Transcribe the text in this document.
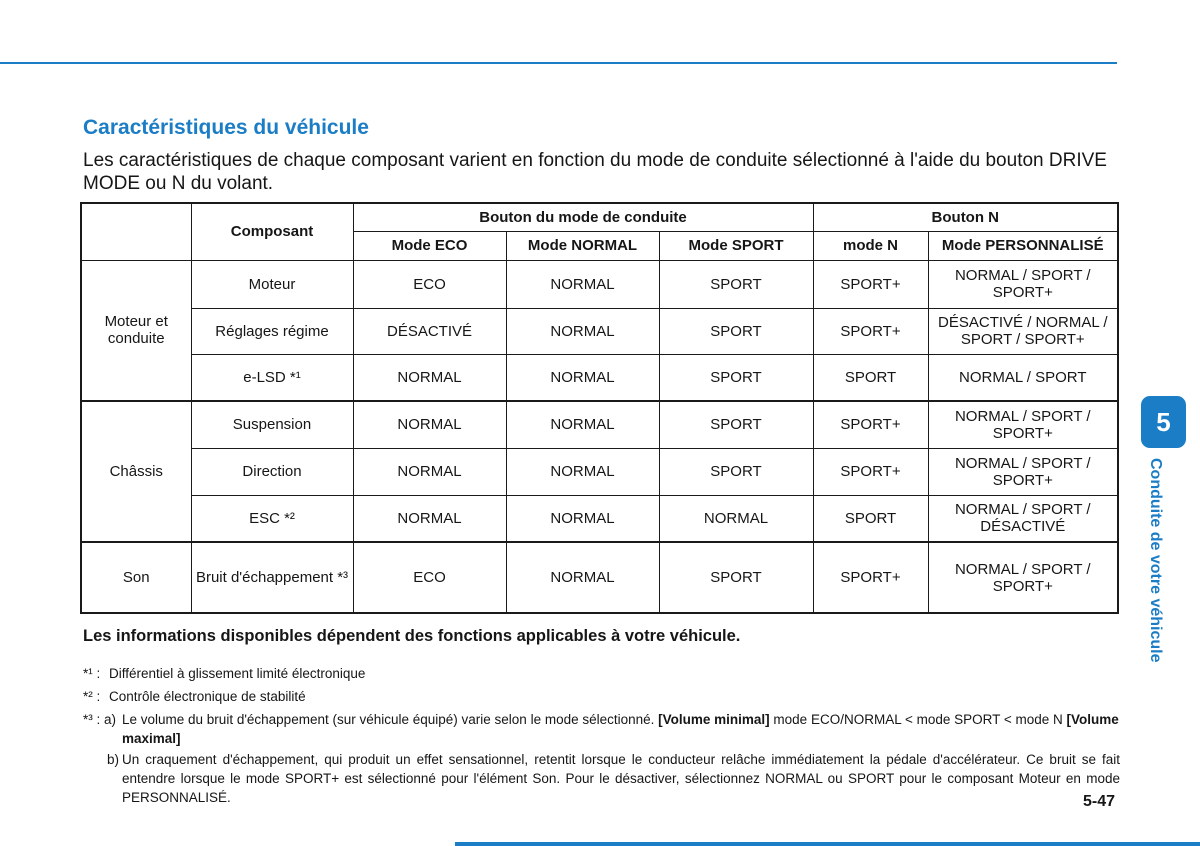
Caractéristiques du véhicule

Les caractéristiques de chaque composant varient en fonction du mode de conduite sélectionné à l'aide du bouton DRIVE MODE ou N du volant.

	Composant	Bouton du mode de conduite			Bouton N	
		Mode ECO	Mode NORMAL	Mode SPORT	mode N	Mode PERSONNALISÉ
Moteur et conduite	Moteur	ECO	NORMAL	SPORT	SPORT+	NORMAL / SPORT / SPORT+
	Réglages régime	DÉSACTIVÉ	NORMAL	SPORT	SPORT+	DÉSACTIVÉ / NORMAL / SPORT / SPORT+
	e-LSD *¹	NORMAL	NORMAL	SPORT	SPORT	NORMAL / SPORT
Châssis	Suspension	NORMAL	NORMAL	SPORT	SPORT+	NORMAL / SPORT / SPORT+
	Direction	NORMAL	NORMAL	SPORT	SPORT+	NORMAL / SPORT / SPORT+
	ESC *²	NORMAL	NORMAL	NORMAL	SPORT	NORMAL / SPORT / DÉSACTIVÉ
Son	Bruit d'échappement *³	ECO	NORMAL	SPORT	SPORT+	NORMAL / SPORT / SPORT+

Les informations disponibles dépendent des fonctions applicables à votre véhicule.

*¹ : Différentiel à glissement limité électronique
*² : Contrôle électronique de stabilité
*³ : a) Le volume du bruit d'échappement (sur véhicule équipé) varie selon le mode sélectionné. [Volume minimal] mode ECO/NORMAL < mode SPORT < mode N [Volume maximal]
b) Un craquement d'échappement, qui produit un effet sensationnel, retentit lorsque le conducteur relâche immédiatement la pédale d'accélérateur. Ce bruit se fait entendre lorsque le mode SPORT+ est sélectionné pour l'élément Son. Pour le désactiver, sélectionnez NORMAL ou SPORT pour le composant Moteur en mode PERSONNALISÉ.	5-47
5
Conduite de votre véhicule
